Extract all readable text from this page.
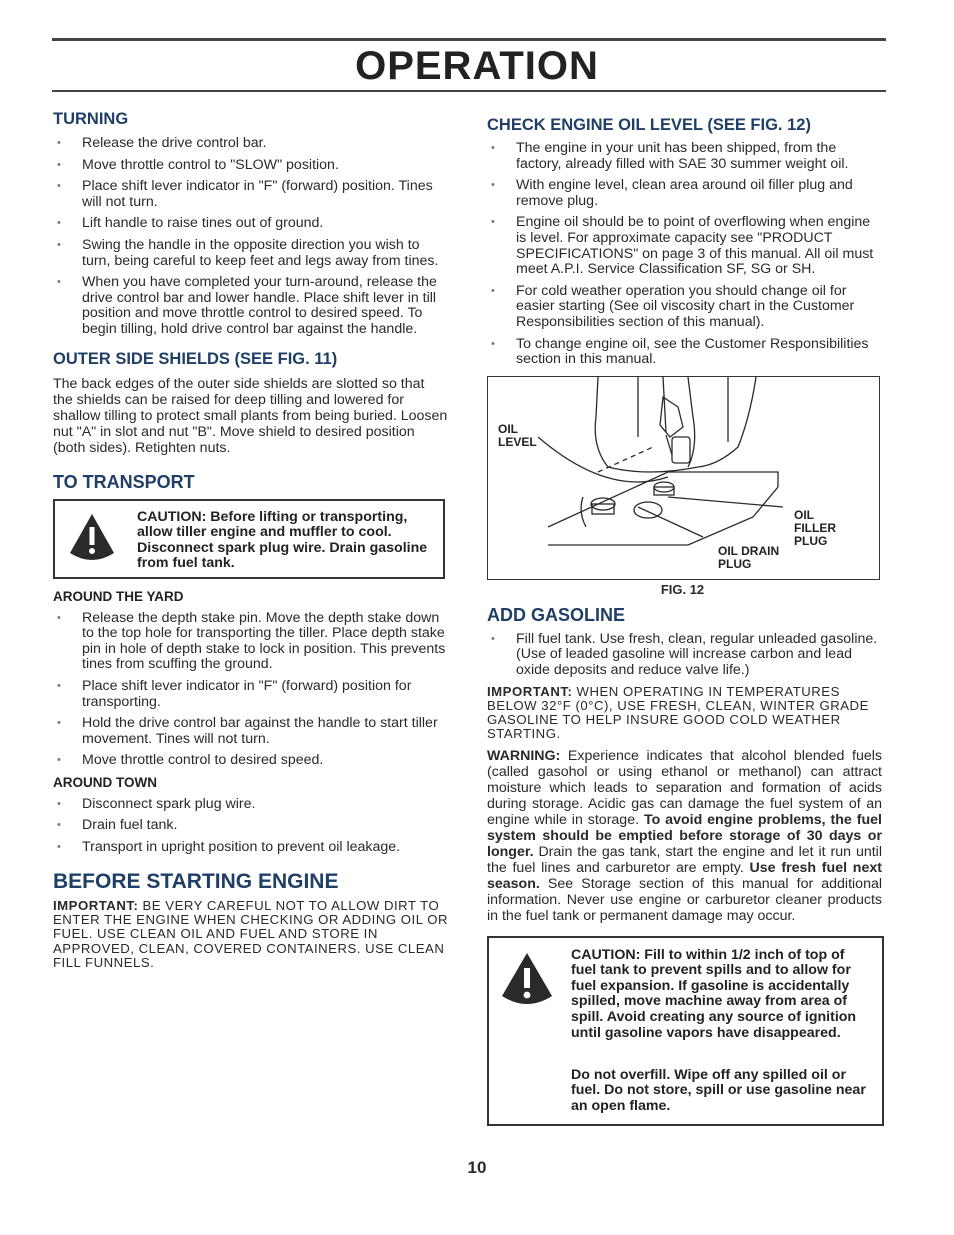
OPERATION
TURNING
• Release the drive control bar.
• Move throttle control to "SLOW" position.
• Place shift lever indicator in "F" (forward) position. Tines will not turn.
• Lift handle to raise tines out of ground.
• Swing the handle in the opposite direction you wish to turn, being careful to keep feet and legs away from tines.
• When you have completed your turn-around, release the drive control bar and lower handle. Place shift lever in till position and move throttle control to desired speed. To begin tilling, hold drive control bar against the handle.
OUTER SIDE SHIELDS (SEE FIG. 11)

The back edges of the outer side shields are slotted so that the shields can be raised for deep tilling and lowered for shallow tilling to protect small plants from being buried. Loosen nut "A" in slot and nut "B". Move shield to desired position (both sides). Retighten nuts.

TO TRANSPORT

CAUTION: Before lifting or transporting, allow tiller engine and muffler to cool. Disconnect spark plug wire. Drain gasoline from fuel tank.

AROUND THE YARD
• Release the depth stake pin. Move the depth stake down to the top hole for transporting the tiller. Place depth stake pin in hole of depth stake to lock in position. This prevents tines from scuffing the ground.
• Place shift lever indicator in "F" (forward) position for transporting.
• Hold the drive control bar against the handle to start tiller movement. Tines will not turn.
• Move throttle control to desired speed.
AROUND TOWN
• Disconnect spark plug wire.
• Drain fuel tank.
• Transport in upright position to prevent oil leakage.
BEFORE STARTING ENGINE

IMPORTANT: BE VERY CAREFUL NOT TO ALLOW DIRT TO ENTER THE ENGINE WHEN CHECKING OR ADDING OIL OR FUEL. USE CLEAN OIL AND FUEL AND STORE IN APPROVED, CLEAN, COVERED CONTAINERS. USE CLEAN FILL FUNNELS.

CHECK ENGINE OIL LEVEL (SEE FIG. 12)
• The engine in your unit has been shipped, from the factory, already filled with SAE 30 summer weight oil.
• With engine level, clean area around oil filler plug and remove plug.
• Engine oil should be to point of overflowing when engine is level. For approximate capacity see "PRODUCT SPECIFICATIONS" on page 3 of this manual. All oil must meet A.P.I. Service Classification SF, SG or SH.
• For cold weather operation you should change oil for easier starting (See oil viscosity chart in the Customer Responsibilities section of this manual).
• To change engine oil, see the Customer Responsibilities section in this manual.
OIL
LEVEL
OIL
FILLER
PLUG
OIL DRAIN
PLUG
FIG. 12
ADD GASOLINE
• Fill fuel tank. Use fresh, clean, regular unleaded gasoline. (Use of leaded gasoline will increase carbon and lead oxide deposits and reduce valve life.)

IMPORTANT: WHEN OPERATING IN TEMPERATURES BELOW 32°F (0°C), USE FRESH, CLEAN, WINTER GRADE GASOLINE TO HELP INSURE GOOD COLD WEATHER STARTING.

WARNING: Experience indicates that alcohol blended fuels (called gasohol or using ethanol or methanol) can attract moisture which leads to separation and formation of acids during storage. Acidic gas can damage the fuel system of an engine while in storage. To avoid engine problems, the fuel system should be emptied before storage of 30 days or longer. Drain the gas tank, start the engine and let it run until the fuel lines and carburetor are empty. Use fresh fuel next season. See Storage section of this manual for additional information. Never use engine or carburetor cleaner products in the fuel tank or permanent damage may occur.

CAUTION: Fill to within 1/2 inch of top of fuel tank to prevent spills and to allow for fuel expansion. If gasoline is accidentally spilled, move machine away from area of spill. Avoid creating any source of ignition until gasoline vapors have disappeared.

Do not overfill. Wipe off any spilled oil or fuel. Do not store, spill or use gasoline near an open flame.

10
